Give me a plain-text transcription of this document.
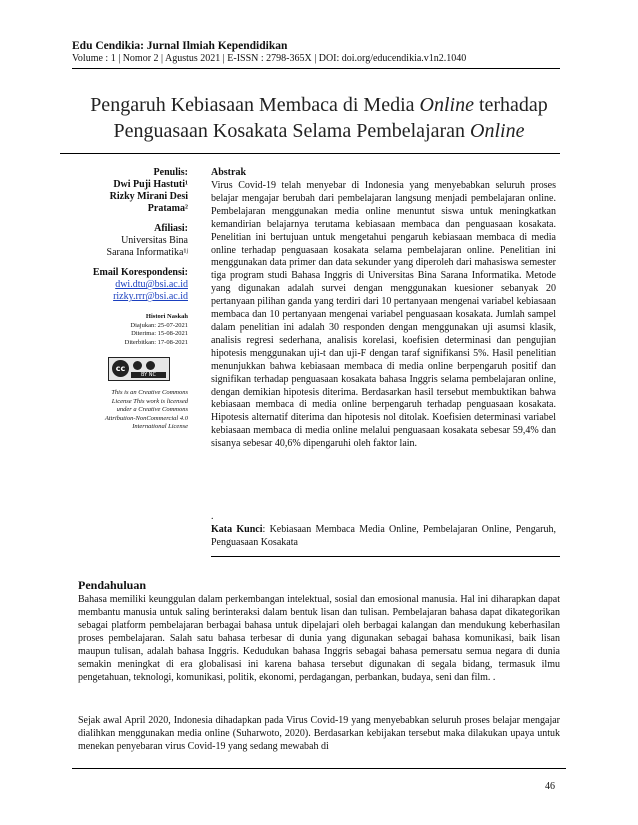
Edu Cendikia: Jurnal Ilmiah Kependidikan
Volume : 1 | Nomor 2 | Agustus 2021 | E-ISSN : 2798-365X | DOI: doi.org/educendikia.v1n2.1040
Pengaruh Kebiasaan Membaca di Media Online terhadap
Penguasaan Kosakata Selama Pembelajaran Online
Penulis:
Dwi Puji Hastuti¹
Rizky Mirani Desi
Pratama²
Afiliasi:
Universitas Bina
Sarana Informatika¹ʲ
Email Korespondensi:
dwi.dtu@bsi.ac.id
rizky.rrr@bsi.ac.id
Histori Naskah
Diajukan: 25-07-2021
Diterima: 15-08-2021
Diterbitkan: 17-08-2021
cc
BY NC
This is an Creative Commons
License This work is licensed
under a Creative Commons
Attribution-NonCommercial 4.0
International License
Abstrak
Virus Covid-19 telah menyebar di Indonesia yang menyebabkan seluruh proses belajar mengajar berubah dari pembelajaran langsung menjadi pembelajaran online. Pembelajaran menggunakan media online menuntut siswa untuk meningkatkan kemandirian belajarnya terutama kebiasaan membaca dan penguasaan kosakata. Penelitian ini bertujuan untuk mengetahui pengaruh kebiasaan membaca di media online terhadap penguasaan kosakata selama pembelajaran online. Penelitian ini menggunakan data primer dan data sekunder yang diperoleh dari mahasiswa semester tiga program studi Bahasa Inggris di Universitas Bina Sarana Informatika. Metode yang digunakan adalah survei dengan menggunakan kuesioner sebanyak 20 pertanyaan pilihan ganda yang terdiri dari 10 pertanyaan mengenai variabel kebiasaan membaca dan 10 pertanyaan mengenai variabel penguasaan kosakata. Jumlah sampel dalam penelitian ini adalah 30 responden dengan menggunakan uji asumsi klasik, analisis regresi sederhana, analisis korelasi, koefisien determinasi dan pengujian hipotesis menggunakan uji-t dan uji-F dengan taraf signifikansi 5%. Hasil penelitian menunjukkan bahwa kebiasaan membaca di media online berpengaruh positif dan signifikan terhadap penguasaan kosakata bahasa Inggris selama pembelajaran online, dengan demikian hipotesis diterima. Berdasarkan hasil tersebut membuktikan bahwa kebiasaan membaca di media online berpengaruh terhadap penguasaan kosakata. Hipotesis alternatif diterima dan hipotesis nol ditolak. Koefisien determinasi variabel kebiasaan membaca di media online melalui penguasaan kosakata sebesar 59,4% dan sisanya sebesar 40,6% dipengaruhi oleh faktor lain.
.
Kata Kunci: Kebiasaan Membaca Media Online, Pembelajaran Online, Pengaruh, Penguasaan Kosakata
Pendahuluan
Bahasa memiliki keunggulan dalam perkembangan intelektual, sosial dan emosional manusia. Hal ini diharapkan dapat membantu manusia untuk saling berinteraksi dalam bentuk lisan dan tulisan. Pembelajaran bahasa dapat dikategorikan sebagai platform pembelajaran berbagai bahasa untuk dipelajari oleh berbagai kalangan dan mendukung keberhasilan proses pembelajaran. Salah satu bahasa terbesar di dunia yang digunakan sebagai bahasa komunikasi, baik lisan maupun tulisan, adalah bahasa Inggris. Kedudukan bahasa Inggris sebagai bahasa pemersatu semua negara di dunia semakin meningkat di era globalisasi ini karena bahasa tersebut digunakan di segala bidang, termasuk ilmu pengetahuan, teknologi, komunikasi, politik, ekonomi, perdagangan, perbankan, budaya, seni dan film. .
Sejak awal April 2020, Indonesia dihadapkan pada Virus Covid-19 yang menyebabkan seluruh proses belajar mengajar dialihkan menggunakan media online (Suharwoto, 2020). Berdasarkan kebijakan tersebut maka dilakukan upaya untuk menekan penyebaran virus Covid-19 yang sedang mewabah di
46
